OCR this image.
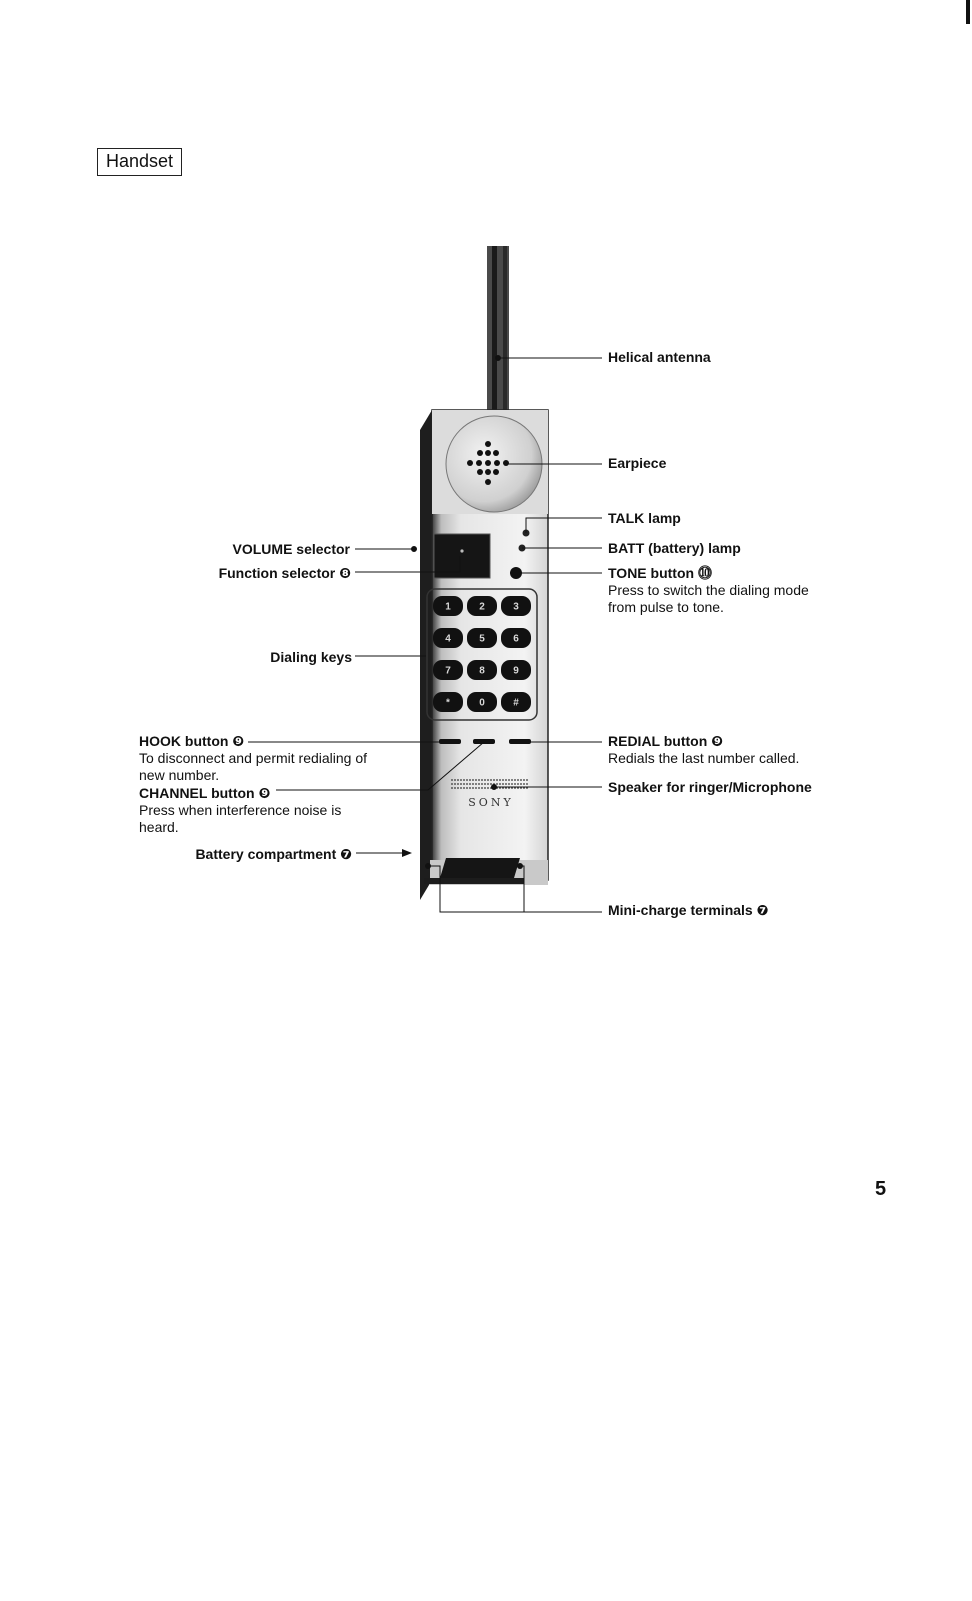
Handset
1	2	3
4	5	6
7	8	9
*	0	#
SONY
Helical antenna
Earpiece
TALK lamp
BATT (battery) lamp
TONE button ⓾
Press to switch the dialing mode from pulse to tone.
REDIAL button ❾
Redials the last number called.
Speaker for ringer/Microphone
Mini-charge terminals ❼
VOLUME selector
Function selector ❽
Dialing keys
HOOK button ❾
To disconnect and permit redialing of new number.
CHANNEL button ❾
Press when interference noise is heard.
Battery compartment ❼
5
